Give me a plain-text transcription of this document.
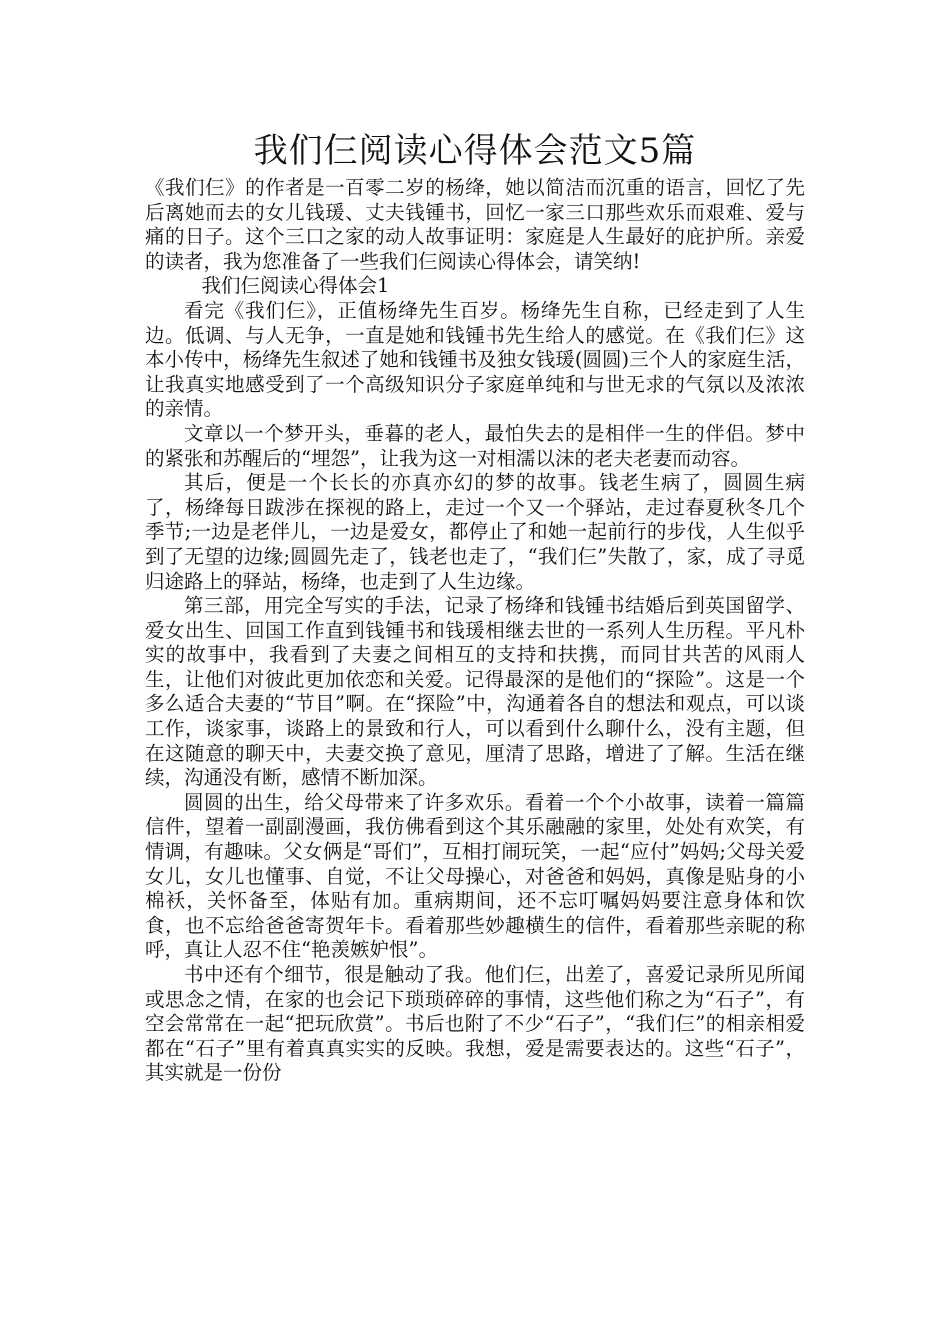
我们仨阅读心得体会范文5篇

《我们仨》的作者是一百零二岁的杨绛，她以简洁而沉重的语言，回忆了先后离她而去的女儿钱瑗、丈夫钱锺书，回忆一家三口那些欢乐而艰难、爱与痛的日子。这个三口之家的动人故事证明：家庭是人生最好的庇护所。亲爱的读者，我为您准备了一些我们仨阅读心得体会，请笑纳!

我们仨阅读心得体会1

看完《我们仨》，正值杨绛先生百岁。杨绛先生自称，已经走到了人生边。低调、与人无争，一直是她和钱锺书先生给人的感觉。在《我们仨》这本小传中，杨绛先生叙述了她和钱锺书及独女钱瑗(圆圆)三个人的家庭生活，让我真实地感受到了一个高级知识分子家庭单纯和与世无求的气氛以及浓浓的亲情。

文章以一个梦开头，垂暮的老人，最怕失去的是相伴一生的伴侣。梦中的紧张和苏醒后的“埋怨”，让我为这一对相濡以沫的老夫老妻而动容。

其后，便是一个长长的亦真亦幻的梦的故事。钱老生病了，圆圆生病了，杨绛每日跋涉在探视的路上，走过一个又一个驿站，走过春夏秋冬几个季节;一边是老伴儿，一边是爱女，都停止了和她一起前行的步伐，人生似乎到了无望的边缘;圆圆先走了，钱老也走了，“我们仨”失散了，家，成了寻觅归途路上的驿站，杨绛，也走到了人生边缘。

第三部，用完全写实的手法，记录了杨绛和钱锺书结婚后到英国留学、爱女出生、回国工作直到钱锺书和钱瑗相继去世的一系列人生历程。平凡朴实的故事中，我看到了夫妻之间相互的支持和扶携，而同甘共苦的风雨人生，让他们对彼此更加依恋和关爱。记得最深的是他们的“探险”。这是一个多么适合夫妻的“节目”啊。在“探险”中，沟通着各自的想法和观点，可以谈工作，谈家事，谈路上的景致和行人，可以看到什么聊什么，没有主题，但在这随意的聊天中，夫妻交换了意见，厘清了思路，增进了了解。生活在继续，沟通没有断，感情不断加深。

圆圆的出生，给父母带来了许多欢乐。看着一个个小故事，读着一篇篇信件，望着一副副漫画，我仿佛看到这个其乐融融的家里，处处有欢笑，有情调，有趣味。父女俩是“哥们”，互相打闹玩笑，一起“应付”妈妈;父母关爱女儿，女儿也懂事、自觉，不让父母操心，对爸爸和妈妈，真像是贴身的小棉袄，关怀备至，体贴有加。重病期间，还不忘叮嘱妈妈要注意身体和饮食，也不忘给爸爸寄贺年卡。看着那些妙趣横生的信件，看着那些亲昵的称呼，真让人忍不住“艳羡嫉妒恨”。

书中还有个细节，很是触动了我。他们仨，出差了，喜爱记录所见所闻或思念之情，在家的也会记下琐琐碎碎的事情，这些他们称之为“石子”，有空会常常在一起“把玩欣赏”。书后也附了不少“石子”，“我们仨”的相亲相爱都在“石子”里有着真真实实的反映。我想，爱是需要表达的。这些“石子”，其实就是一份份
